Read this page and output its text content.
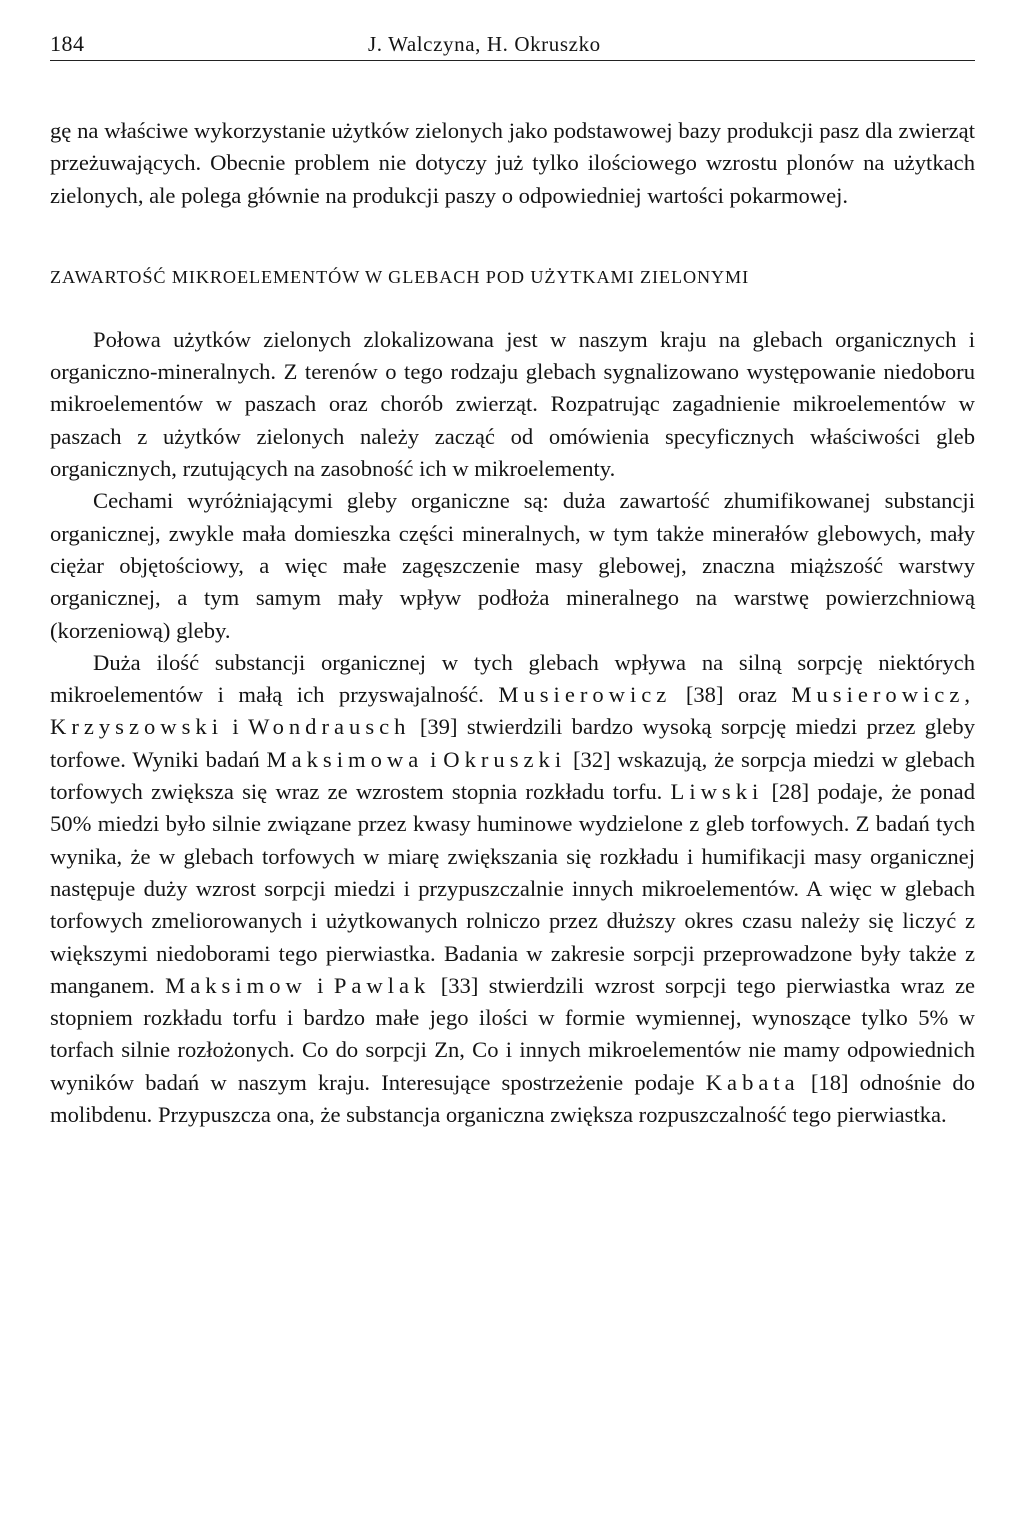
184	J. Walczyna, H. Okruszko

gę na właściwe wykorzystanie użytków zielonych jako podstawowej bazy produkcji pasz dla zwierząt przeżuwających. Obecnie problem nie dotyczy już tylko ilościowego wzrostu plonów na użytkach zielonych, ale polega głównie na produkcji paszy o odpowiedniej wartości pokarmowej.

ZAWARTOŚĆ MIKROELEMENTÓW W GLEBACH POD UŻYTKAMI ZIELONYMI

Połowa użytków zielonych zlokalizowana jest w naszym kraju na glebach organicznych i organiczno-mineralnych. Z terenów o tego rodzaju glebach sygnalizowano występowanie niedoboru mikroelementów w paszach oraz chorób zwierząt. Rozpatrując zagadnienie mikroelementów w paszach z użytków zielonych należy zacząć od omówienia specyficznych właściwości gleb organicznych, rzutujących na zasobność ich w mikroelementy.

Cechami wyróżniającymi gleby organiczne są: duża zawartość zhumifikowanej substancji organicznej, zwykle mała domieszka części mineralnych, w tym także minerałów glebowych, mały ciężar objętościowy, a więc małe zagęszczenie masy glebowej, znaczna miąższość warstwy organicznej, a tym samym mały wpływ podłoża mineralnego na warstwę powierzchniową (korzeniową) gleby.

Duża ilość substancji organicznej w tych glebach wpływa na silną sorpcję niektórych mikroelementów i małą ich przyswajalność. Musierowicz [38] oraz Musierowicz, Krzyszowski i Wondrausch [39] stwierdzili bardzo wysoką sorpcję miedzi przez gleby torfowe. Wyniki badań Maksimowa i Okruszki [32] wskazują, że sorpcja miedzi w glebach torfowych zwiększa się wraz ze wzrostem stopnia rozkładu torfu. Liwski [28] podaje, że ponad 50% miedzi było silnie związane przez kwasy huminowe wydzielone z gleb torfowych. Z badań tych wynika, że w glebach torfowych w miarę zwiększania się rozkładu i humifikacji masy organicznej następuje duży wzrost sorpcji miedzi i przypuszczalnie innych mikroelementów. A więc w glebach torfowych zmeliorowanych i użytkowanych rolniczo przez dłuższy okres czasu należy się liczyć z większymi niedoborami tego pierwiastka. Badania w zakresie sorpcji przeprowadzone były także z manganem. Maksimow i Pawlak [33] stwierdzili wzrost sorpcji tego pierwiastka wraz ze stopniem rozkładu torfu i bardzo małe jego ilości w formie wymiennej, wynoszące tylko 5% w torfach silnie rozłożonych. Co do sorpcji Zn, Co i innych mikroelementów nie mamy odpowiednich wyników badań w naszym kraju. Interesujące spostrzeżenie podaje Kabata [18] odnośnie do molibdenu. Przypuszcza ona, że substancja organiczna zwiększa rozpuszczalność tego pierwiastka.
